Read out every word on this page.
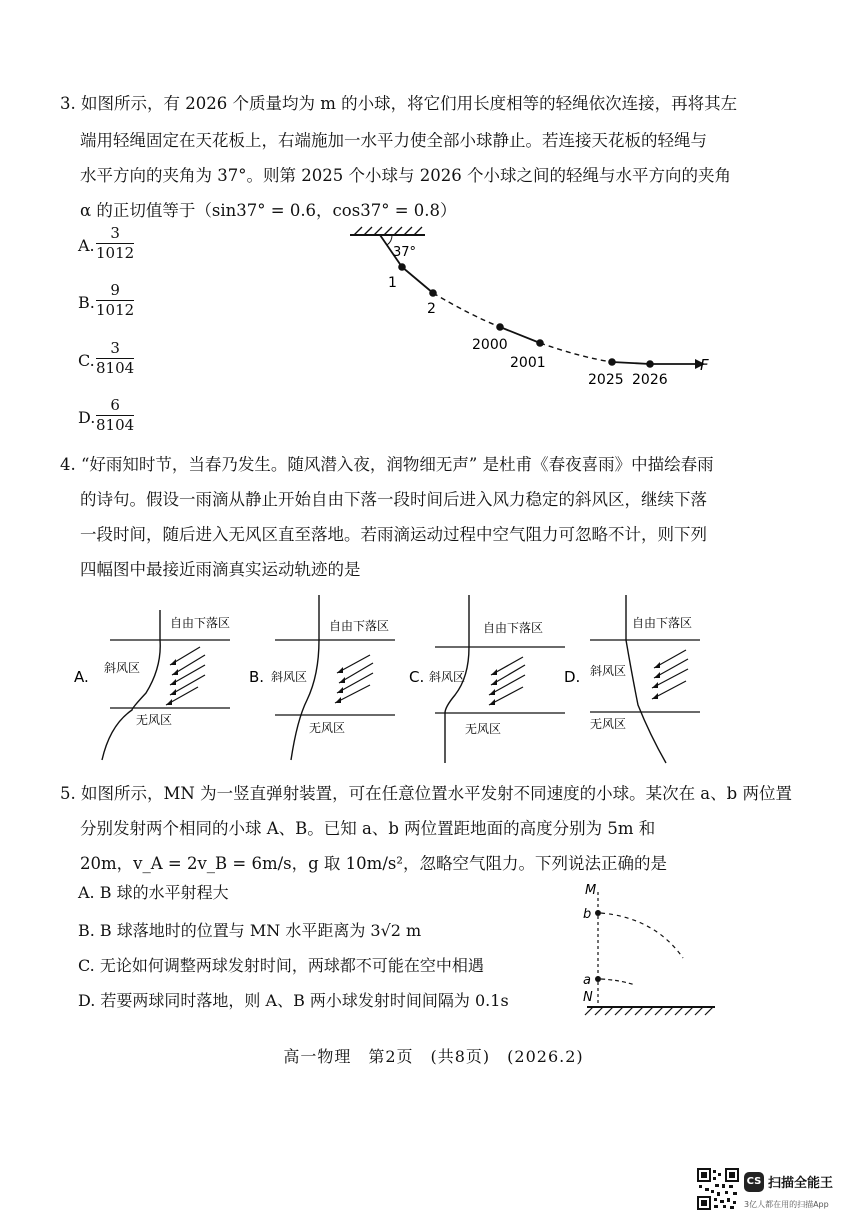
3. 如图所示，有 2026 个质量均为 m 的小球，将它们用长度相等的轻绳依次连接，再将其左
端用轻绳固定在天花板上，右端施加一水平力使全部小球静止。若连接天花板的轻绳与
水平方向的夹角为 37°。则第 2025 个小球与 2026 个小球之间的轻绳与水平方向的夹角
α 的正切值等于（sin37° = 0.6，cos37° = 0.8）
A. $\frac{3}{1012}$
B. $\frac{9}{1012}$
C. $\frac{3}{8104}$
D. $\frac{6}{8104}$
37°
1
2
2000
2001
2025 2026
F
4. “好雨知时节，当春乃发生。随风潜入夜，润物细无声” 是杜甫《春夜喜雨》中描绘春雨
的诗句。假设一雨滴从静止开始自由下落一段时间后进入风力稳定的斜风区，继续下落
一段时间，随后进入无风区直至落地。若雨滴运动过程中空气阻力可忽略不计，则下列
四幅图中最接近雨滴真实运动轨迹的是
A.
自由下落区
斜风区
无风区
B.
自由下落区
斜风区
无风区
C.
自由下落区
斜风区
无风区
D.
自由下落区
斜风区
无风区
5. 如图所示，MN 为一竖直弹射装置，可在任意位置水平发射不同速度的小球。某次在 a、b 两位置
分别发射两个相同的小球 A、B。已知 a、b 两位置距地面的高度分别为 5m 和
20m，v_A = 2v_B = 6m/s，g 取 10m/s²，忽略空气阻力。下列说法正确的是
A. B 球的水平射程大
B. B 球落地时的位置与 MN 水平距离为 3√2 m
C. 无论如何调整两球发射时间，两球都不可能在空中相遇
D. 若要两球同时落地，则 A、B 两小球发射时间间隔为 0.1s
M
b
a
N
高一物理　第2页　(共8页)　(2026.2)
CS 扫描全能王
3亿人都在用的扫描App
